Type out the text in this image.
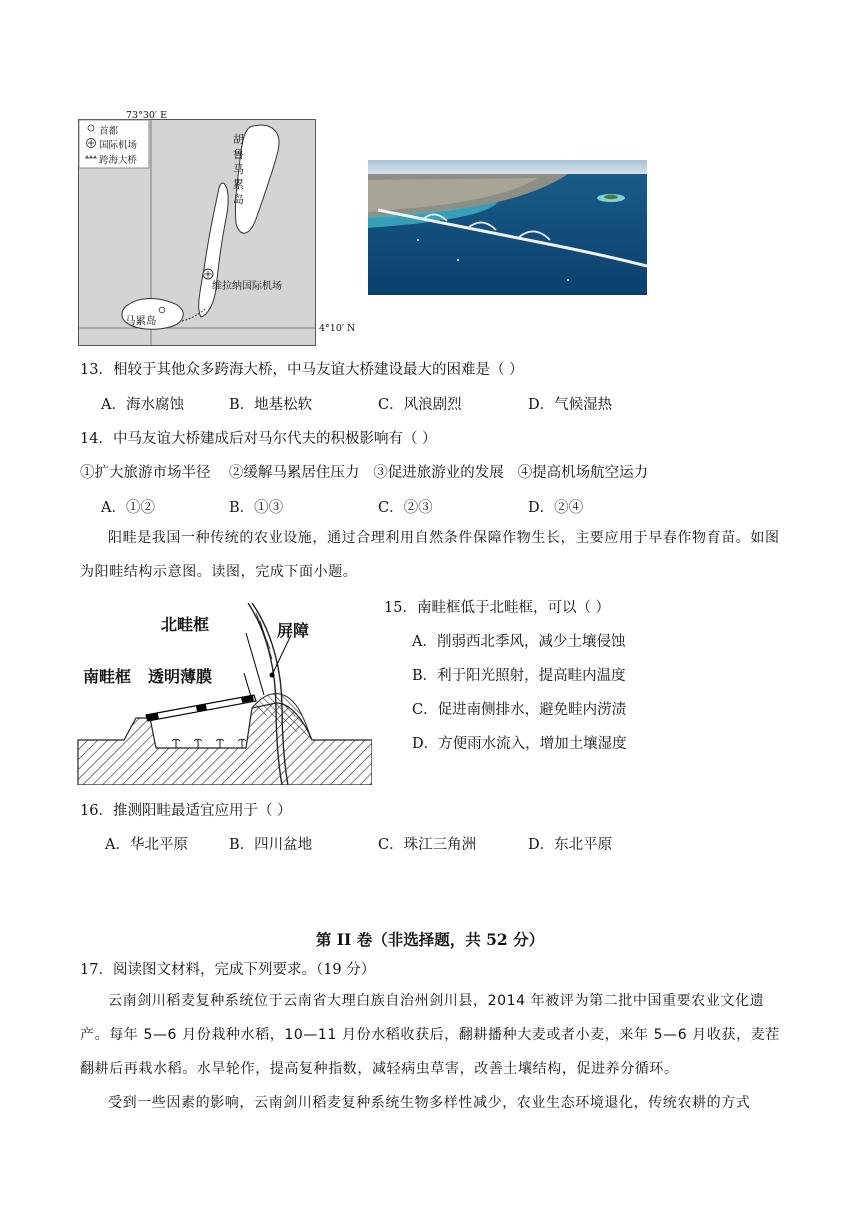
73°30′ E
4°10′ N
首都
国际机场
跨海大桥
胡鲁马累岛
维拉纳国际机场
马累岛
13．相较于其他众多跨海大桥，中马友谊大桥建设最大的困难是（ ）
A．海水腐蚀	B．地基松软	C．风浪剧烈	D．气候湿热
14．中马友谊大桥建成后对马尔代夫的积极影响有（ ）
①扩大旅游市场半径    ②缓解马累居住压力   ③促进旅游业的发展   ④提高机场航空运力
A．①②	B．①③	C．②③	D．②④
阳畦是我国一种传统的农业设施，通过合理利用自然条件保障作物生长，主要应用于早春作物育苗。如图为阳畦结构示意图。读图，完成下面小题。
北畦框	屏障
南畦框 透明薄膜
15．南畦框低于北畦框，可以（ ）
A．削弱西北季风，减少土壤侵蚀
B．利于阳光照射，提高畦内温度
C．促进南侧排水，避免畦内涝渍
D．方便雨水流入，增加土壤湿度
16．推测阳畦最适宜应用于（ ）
A．华北平原	B．四川盆地	C．珠江三角洲	D．东北平原
第 II 卷（非选择题，共 52 分）
17．阅读图文材料，完成下列要求。（19 分）
云南剑川稻麦复种系统位于云南省大理白族自治州剑川县，2014 年被评为第二批中国重要农业文化遗产。每年 5—6 月份栽种水稻，10—11 月份水稻收获后，翻耕播种大麦或者小麦，来年 5—6 月收获，麦茬翻耕后再栽水稻。水旱轮作，提高复种指数，减轻病虫草害，改善土壤结构，促进养分循环。
受到一些因素的影响，云南剑川稻麦复种系统生物多样性减少，农业生态环境退化，传统农耕的方式
